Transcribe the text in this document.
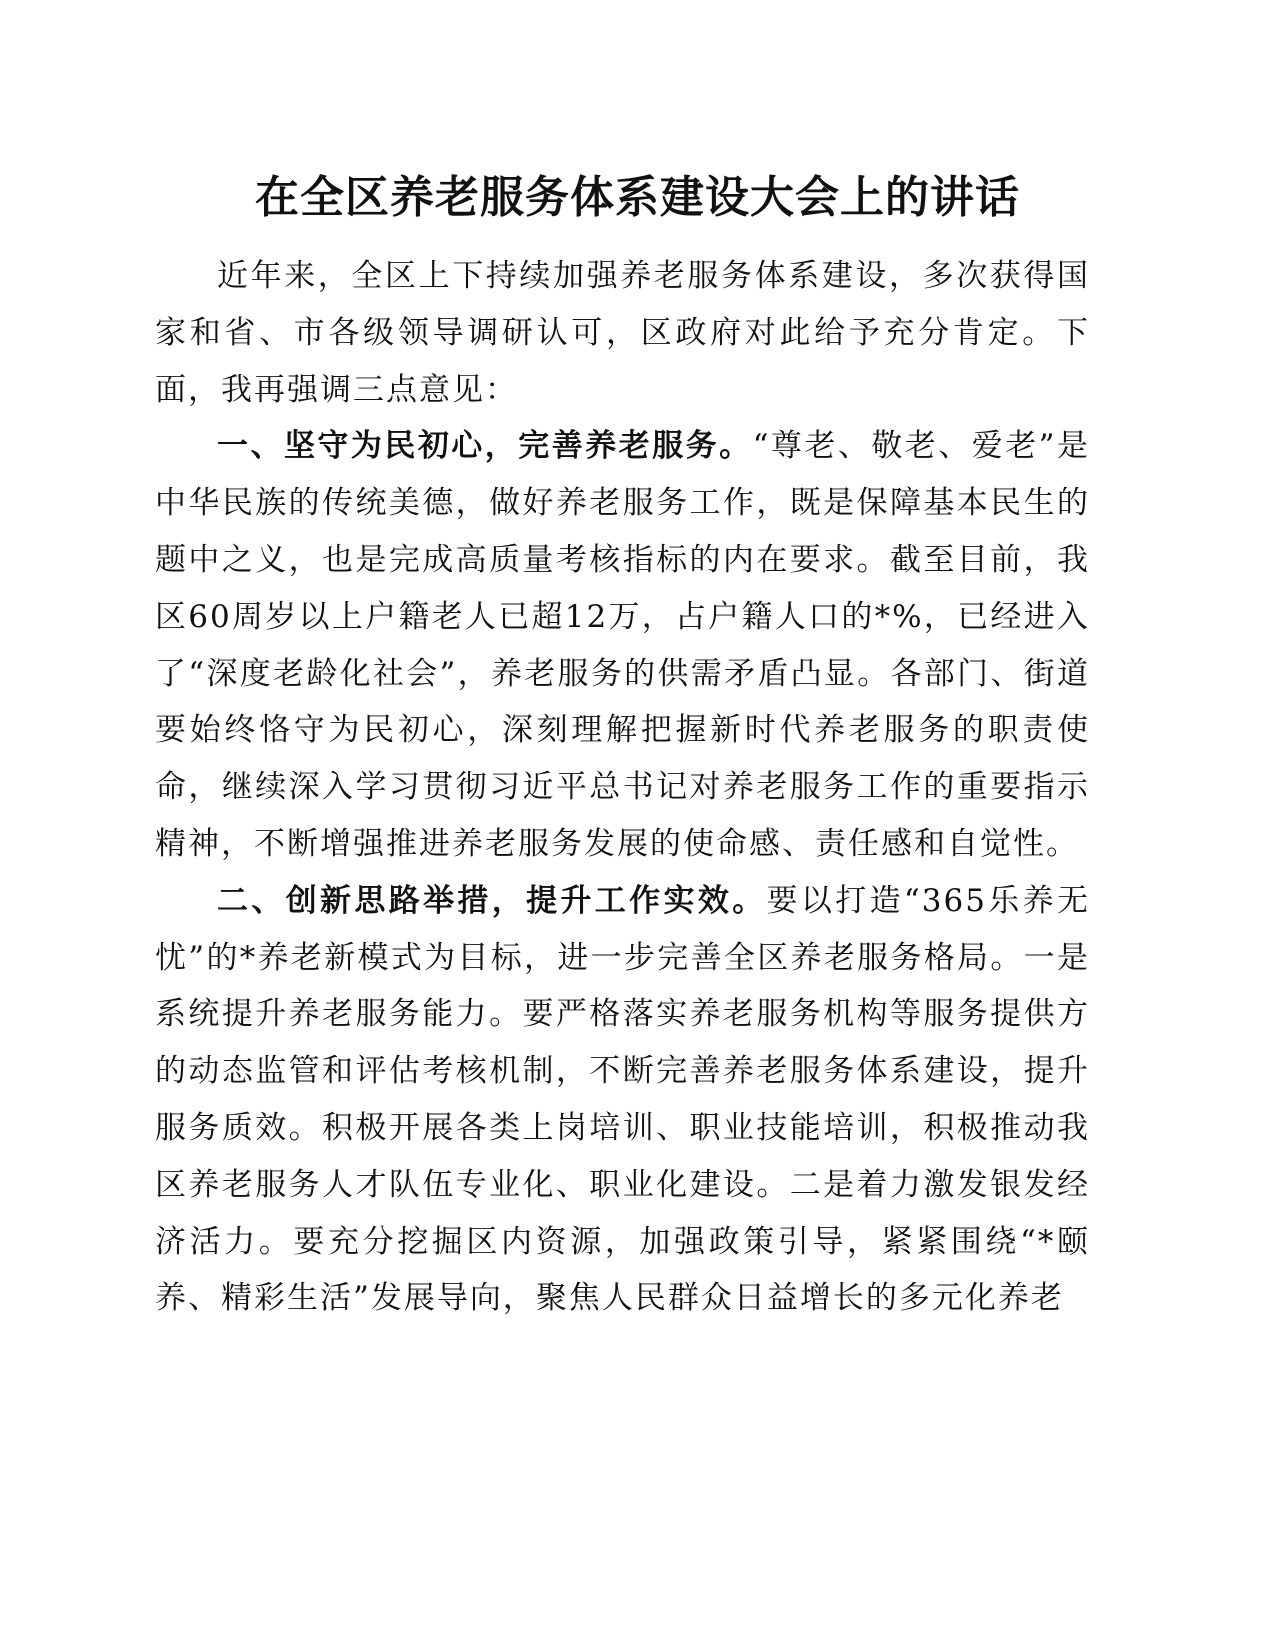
在全区养老服务体系建设大会上的讲话

近年来，全区上下持续加强养老服务体系建设，多次获得国家和省、市各级领导调研认可，区政府对此给予充分肯定。下面，我再强调三点意见：

一、坚守为民初心，完善养老服务。“尊老、敬老、爱老”是中华民族的传统美德，做好养老服务工作，既是保障基本民生的题中之义，也是完成高质量考核指标的内在要求。截至目前，我区60周岁以上户籍老人已超12万，占户籍人口的*%，已经进入了“深度老龄化社会”，养老服务的供需矛盾凸显。各部门、街道要始终恪守为民初心，深刻理解把握新时代养老服务的职责使命，继续深入学习贯彻习近平总书记对养老服务工作的重要指示精神，不断增强推进养老服务发展的使命感、责任感和自觉性。

二、创新思路举措，提升工作实效。要以打造“365乐养无忧”的*养老新模式为目标，进一步完善全区养老服务格局。一是系统提升养老服务能力。要严格落实养老服务机构等服务提供方的动态监管和评估考核机制，不断完善养老服务体系建设，提升服务质效。积极开展各类上岗培训、职业技能培训，积极推动我区养老服务人才队伍专业化、职业化建设。二是着力激发银发经济活力。要充分挖掘区内资源，加强政策引导，紧紧围绕“*颐养、精彩生活”发展导向，聚焦人民群众日益增长的多元化养老
